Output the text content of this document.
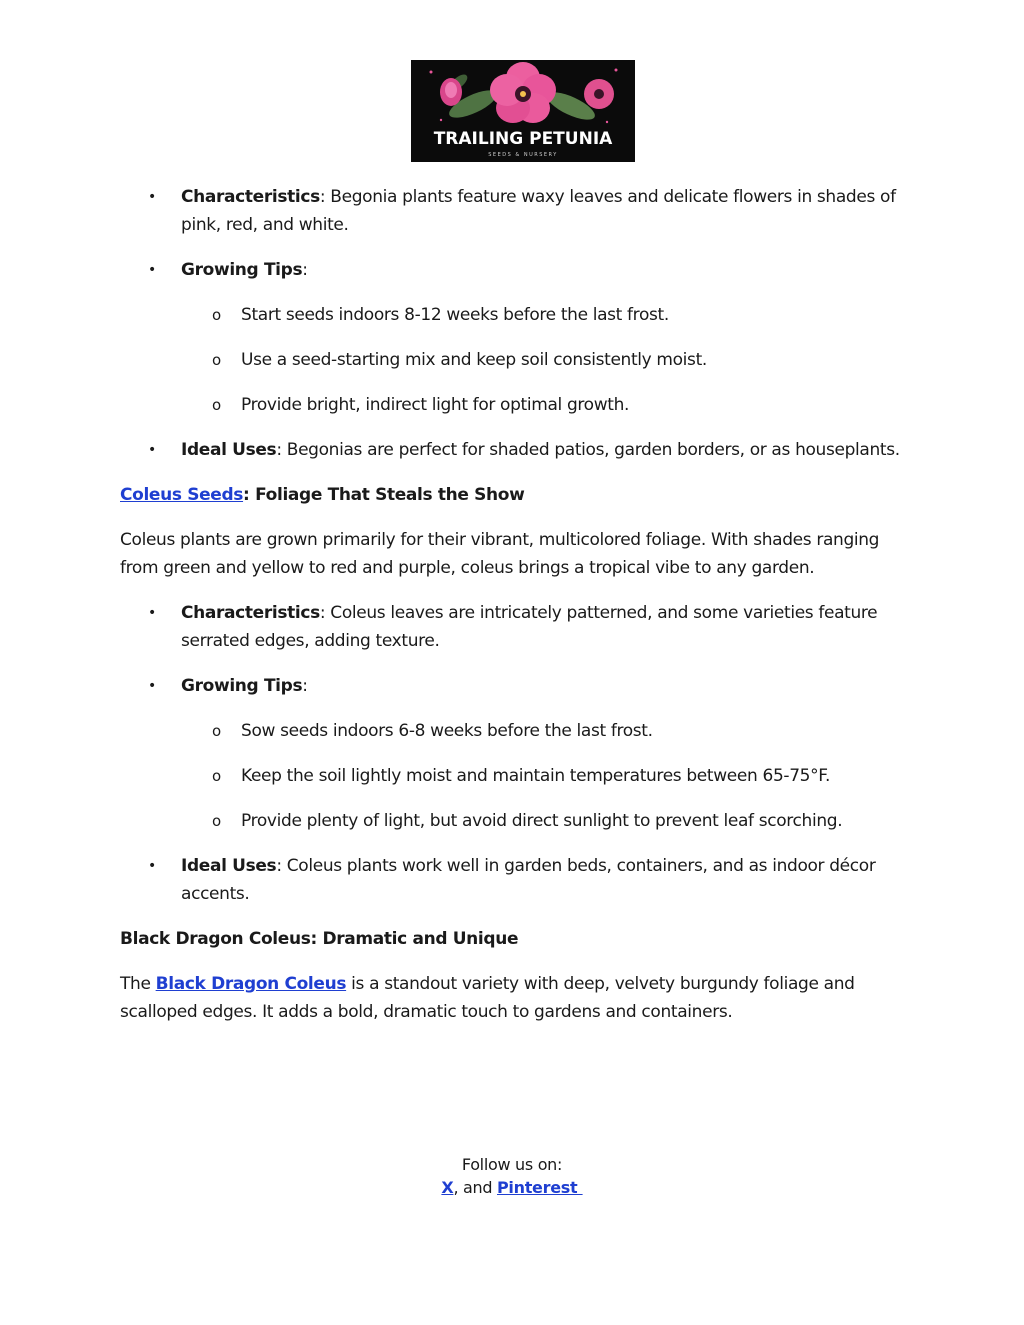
TRAILING PETUNIA
SEEDS & NURSERY
• Characteristics: Begonia plants feature waxy leaves and delicate flowers in shades of
pink, red, and white.
• Growing Tips:
o Start seeds indoors 8-12 weeks before the last frost.
o Use a seed-starting mix and keep soil consistently moist.
o Provide bright, indirect light for optimal growth.
• Ideal Uses: Begonias are perfect for shaded patios, garden borders, or as houseplants.
Coleus Seeds: Foliage That Steals the Show
Coleus plants are grown primarily for their vibrant, multicolored foliage. With shades ranging
from green and yellow to red and purple, coleus brings a tropical vibe to any garden.
• Characteristics: Coleus leaves are intricately patterned, and some varieties feature
serrated edges, adding texture.
• Growing Tips:
o Sow seeds indoors 6-8 weeks before the last frost.
o Keep the soil lightly moist and maintain temperatures between 65-75°F.
o Provide plenty of light, but avoid direct sunlight to prevent leaf scorching.
• Ideal Uses: Coleus plants work well in garden beds, containers, and as indoor décor
accents.
Black Dragon Coleus: Dramatic and Unique
The Black Dragon Coleus is a standout variety with deep, velvety burgundy foliage and
scalloped edges. It adds a bold, dramatic touch to gardens and containers.
Follow us on:
X, and Pinterest
